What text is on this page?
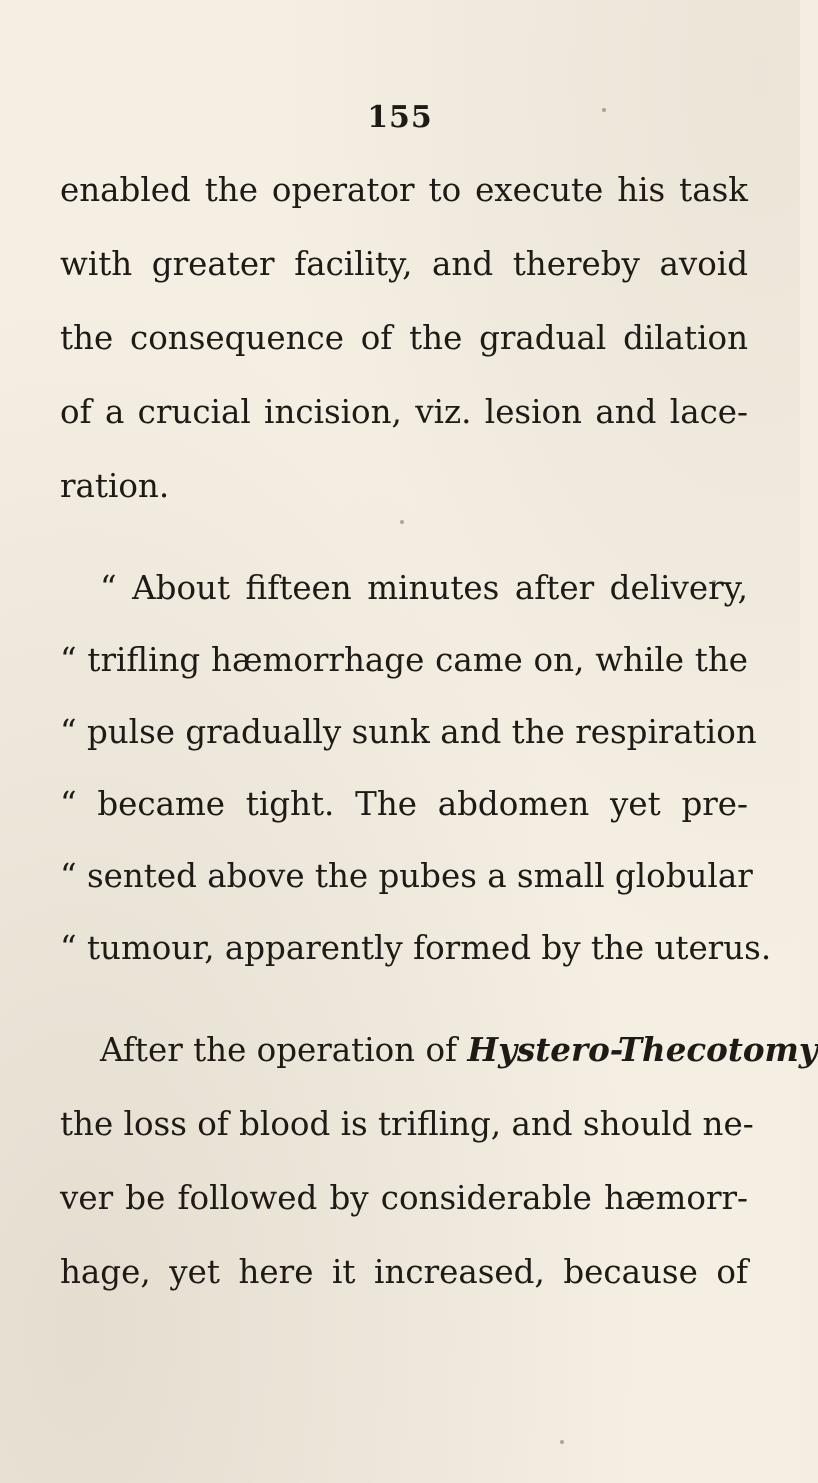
155
enabled the operator to execute his task
with greater facility, and thereby avoid
the consequence of the gradual dilation
of a crucial incision, viz. lesion and lace-
ration.
“ About fifteen minutes after delivery,
“ trifling hæmorrhage came on, while the
“ pulse gradually sunk and the respiration
“ became tight. The abdomen yet pre-
“ sented above the pubes a small globular
“ tumour, apparently formed by the uterus.
After the operation of Hystero-Thecotomy
the loss of blood is trifling, and should ne-
ver be followed by considerable hæmorr-
hage, yet here it increased, because of
